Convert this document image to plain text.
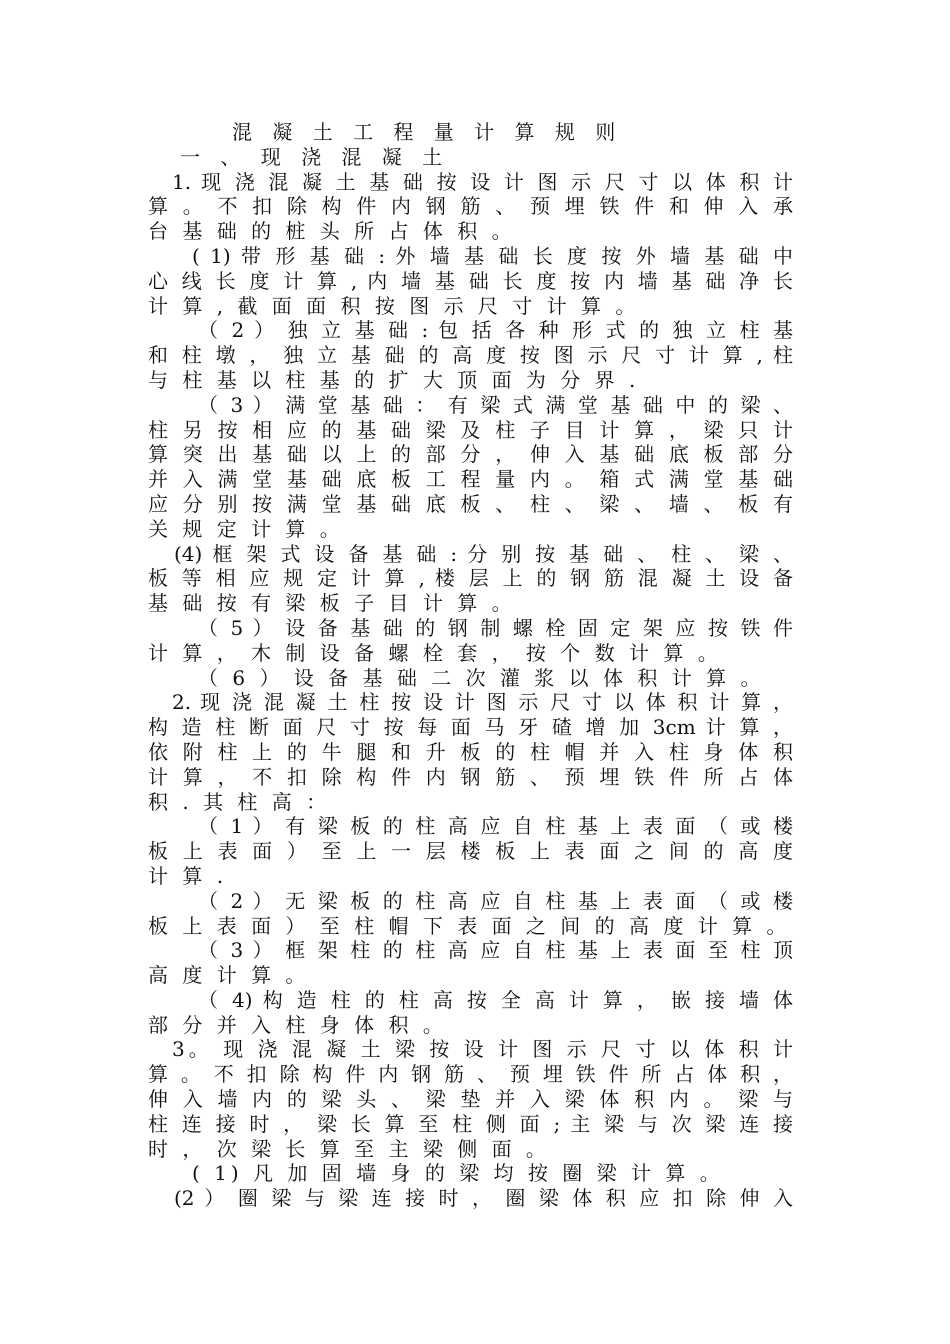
混 凝 土 工 程 量 计 算 规 则
一 、 现 浇 混 凝 土
1. 现 浇 混 凝 土 基 础 按 设 计 图 示 尺 寸 以 体 积 计
算 。 不 扣 除 构 件 内 钢 筋 、 预 埋 铁 件 和 伸 入 承
台 基 础 的 桩 头 所 占 体 积 。
( 1) 带 形 基 础 : 外 墙 基 础 长 度 按 外 墙 基 础 中
心 线 长 度 计 算 , 内 墙 基 础 长 度 按 内 墙 基 础 净 长
计 算 , 截 面 面 积 按 图 示 尺 寸 计 算 。
（ 2 ） 独 立 基 础 : 包 括 各 种 形 式 的 独 立 柱 基
和 柱 墩 ， 独 立 基 础 的 高 度 按 图 示 尺 寸 计 算 , 柱
与 柱 基 以 柱 基 的 扩 大 顶 面 为 分 界 .
（ 3 ） 满 堂 基 础 ： 有 梁 式 满 堂 基 础 中 的 梁 、
柱 另 按 相 应 的 基 础 梁 及 柱 子 目 计 算 ， 梁 只 计
算 突 出 基 础 以 上 的 部 分 ， 伸 入 基 础 底 板 部 分
并 入 满 堂 基 础 底 板 工 程 量 内 。 箱 式 满 堂 基 础
应 分 别 按 满 堂 基 础 底 板 、 柱 、 梁 、 墙 、 板 有
关 规 定 计 算 。
(4) 框 架 式 设 备 基 础 : 分 别 按 基 础 、 柱 、 梁 、
板 等 相 应 规 定 计 算 , 楼 层 上 的 钢 筋 混 凝 土 设 备
基 础 按 有 梁 板 子 目 计 算 。
（ 5 ） 设 备 基 础 的 钢 制 螺 栓 固 定 架 应 按 铁 件
计 算 ， 木 制 设 备 螺 栓 套 ， 按 个 数 计 算 。
（ 6 ） 设 备 基 础 二 次 灌 浆 以 体 积 计 算 。
2. 现 浇 混 凝 土 柱 按 设 计 图 示 尺 寸 以 体 积 计 算 ，
构 造 柱 断 面 尺 寸 按 每 面 马 牙 碴 增 加 3cm 计 算 ，
依 附 柱 上 的 牛 腿 和 升 板 的 柱 帽 并 入 柱 身 体 积
计 算 ， 不 扣 除 构 件 内 钢 筋 、 预 埋 铁 件 所 占 体
积 . 其 柱 高 ：
（ 1 ） 有 梁 板 的 柱 高 应 自 柱 基 上 表 面 （ 或 楼
板 上 表 面 ） 至 上 一 层 楼 板 上 表 面 之 间 的 高 度
计 算 .
（ 2 ） 无 梁 板 的 柱 高 应 自 柱 基 上 表 面 （ 或 楼
板 上 表 面 ） 至 柱 帽 下 表 面 之 间 的 高 度 计 算 。
（ 3 ） 框 架 柱 的 柱 高 应 自 柱 基 上 表 面 至 柱 顶
高 度 计 算 。
（ 4) 构 造 柱 的 柱 高 按 全 高 计 算 ， 嵌 接 墙 体
部 分 并 入 柱 身 体 积 。
3。 现 浇 混 凝 土 梁 按 设 计 图 示 尺 寸 以 体 积 计
算 。 不 扣 除 构 件 内 钢 筋 、 预 埋 铁 件 所 占 体 积 ，
伸 入 墙 内 的 梁 头 、 梁 垫 并 入 梁 体 积 内 。 梁 与
柱 连 接 时 ， 梁 长 算 至 柱 侧 面 ; 主 梁 与 次 梁 连 接
时 ， 次 梁 长 算 至 主 梁 侧 面 。
( 1) 凡 加 固 墙 身 的 梁 均 按 圈 梁 计 算 。
(2 ） 圈 梁 与 梁 连 接 时 ， 圈 梁 体 积 应 扣 除 伸 入
